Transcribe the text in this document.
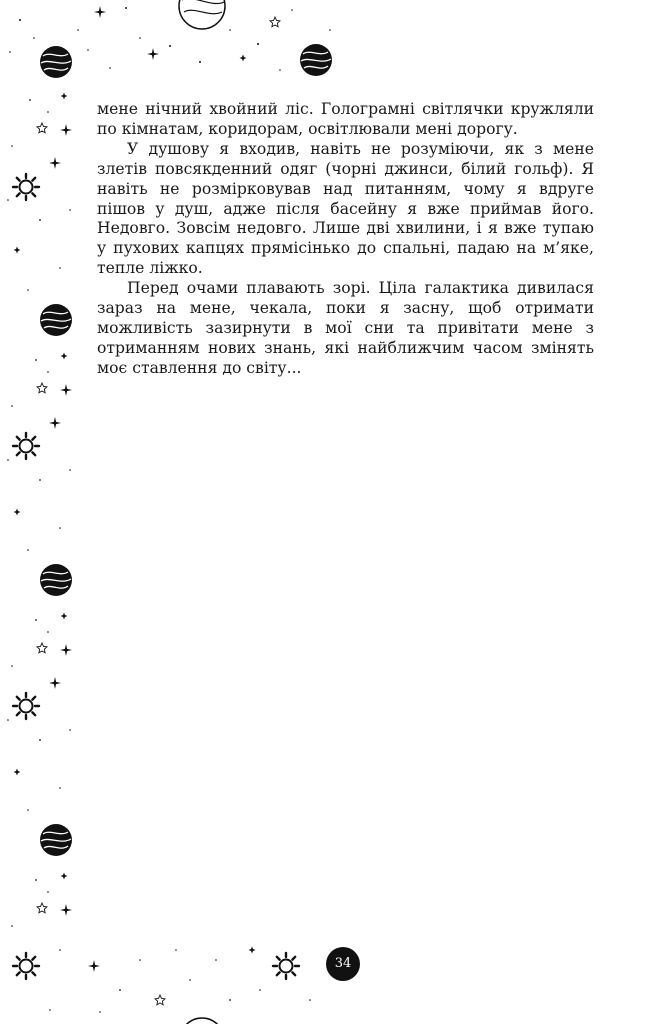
мене нічний хвойний ліс. Голограмні світлячки кружляли по кімнатам, коридорам, освітлювали мені дорогу.

У душову я входив, навіть не розуміючи, як з мене злетів повсякденний одяг (чорні джинси, білий гольф). Я навіть не розмірковував над питанням, чому я вдруге пішов у душ, адже після басейну я вже приймав його. Недовго. Зовсім недовго. Лише дві хвилини, і я вже тупаю у пухових капцях прямісінько до спальні, падаю на м’яке, тепле ліжко.

Перед очами плавають зорі. Ціла галактика дивилася зараз на мене, чекала, поки я засну, щоб отримати можливість зазирнути в мої сни та привітати мене з отриманням нових знань, які найближчим часом змінять моє ставлення до світу...

34
